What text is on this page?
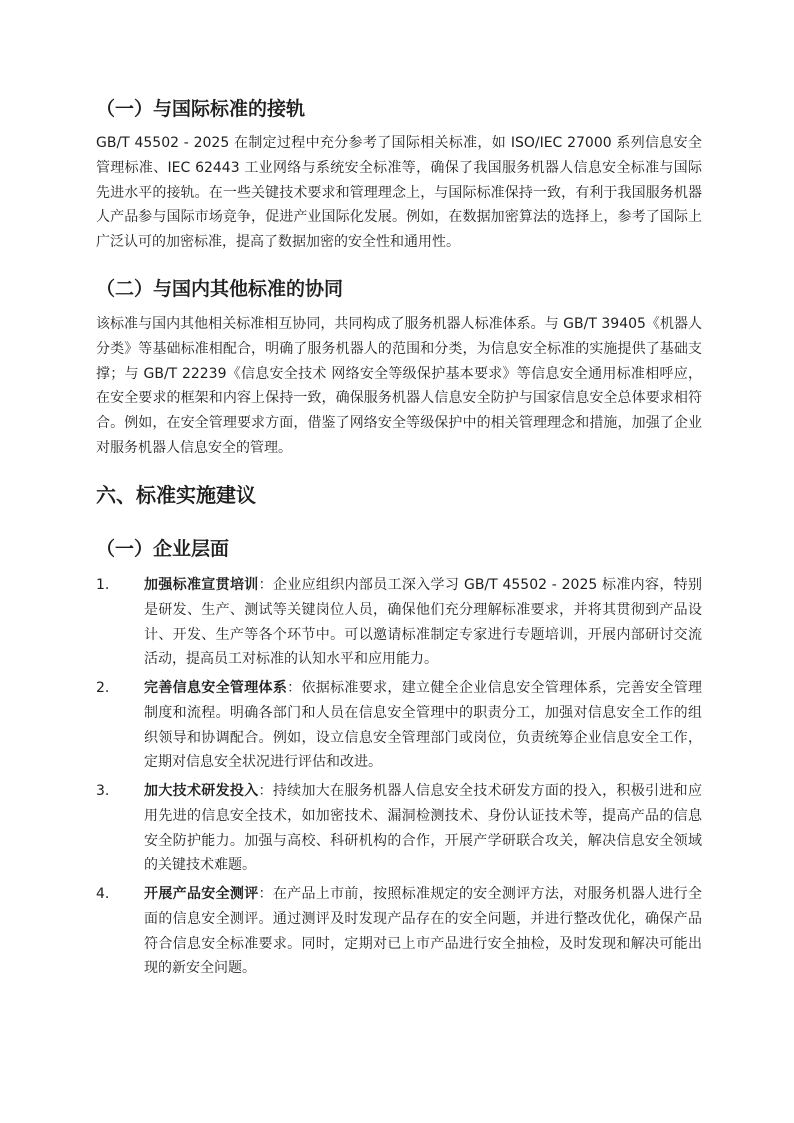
（一）与国际标准的接轨
GB/T 45502 - 2025 在制定过程中充分参考了国际相关标准，如 ISO/IEC 27000 系列信息安全管理标准、IEC 62443 工业网络与系统安全标准等，确保了我国服务机器人信息安全标准与国际先进水平的接轨。在一些关键技术要求和管理理念上，与国际标准保持一致，有利于我国服务机器人产品参与国际市场竞争，促进产业国际化发展。例如，在数据加密算法的选择上，参考了国际上广泛认可的加密标准，提高了数据加密的安全性和通用性。
（二）与国内其他标准的协同
该标准与国内其他相关标准相互协同，共同构成了服务机器人标准体系。与 GB/T 39405《机器人分类》等基础标准相配合，明确了服务机器人的范围和分类，为信息安全标准的实施提供了基础支撑；与 GB/T 22239《信息安全技术 网络安全等级保护基本要求》等信息安全通用标准相呼应，在安全要求的框架和内容上保持一致，确保服务机器人信息安全防护与国家信息安全总体要求相符合。例如，在安全管理要求方面，借鉴了网络安全等级保护中的相关管理理念和措施，加强了企业对服务机器人信息安全的管理。
六、标准实施建议
（一）企业层面
1. 加强标准宣贯培训：企业应组织内部员工深入学习 GB/T 45502 - 2025 标准内容，特别是研发、生产、测试等关键岗位人员，确保他们充分理解标准要求，并将其贯彻到产品设计、开发、生产等各个环节中。可以邀请标准制定专家进行专题培训，开展内部研讨交流活动，提高员工对标准的认知水平和应用能力。
2. 完善信息安全管理体系：依据标准要求，建立健全企业信息安全管理体系，完善安全管理制度和流程。明确各部门和人员在信息安全管理中的职责分工，加强对信息安全工作的组织领导和协调配合。例如，设立信息安全管理部门或岗位，负责统筹企业信息安全工作，定期对信息安全状况进行评估和改进。
3. 加大技术研发投入：持续加大在服务机器人信息安全技术研发方面的投入，积极引进和应用先进的信息安全技术，如加密技术、漏洞检测技术、身份认证技术等，提高产品的信息安全防护能力。加强与高校、科研机构的合作，开展产学研联合攻关，解决信息安全领域的关键技术难题。
4. 开展产品安全测评：在产品上市前，按照标准规定的安全测评方法，对服务机器人进行全面的信息安全测评。通过测评及时发现产品存在的安全问题，并进行整改优化，确保产品符合信息安全标准要求。同时，定期对已上市产品进行安全抽检，及时发现和解决可能出现的新安全问题。
